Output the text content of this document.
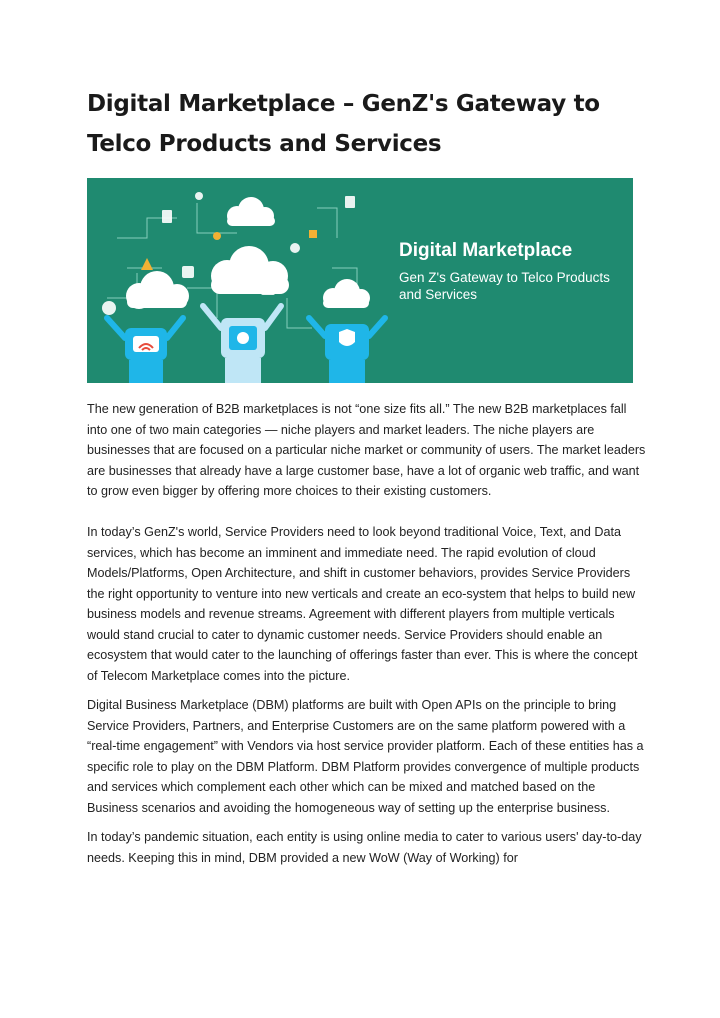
Digital Marketplace – GenZ's Gateway to Telco Products and Services
Digital Marketplace
Gen Z's Gateway to Telco Products
and Services

The new generation of B2B marketplaces is not “one size fits all.” The new B2B marketplaces fall into one of two main categories — niche players and market leaders. The niche players are businesses that are focused on a particular niche market or community of users. The market leaders are businesses that already have a large customer base, have a lot of organic web traffic, and want to grow even bigger by offering more choices to their existing customers.

In today’s GenZ's world, Service Providers need to look beyond traditional Voice, Text, and Data services, which has become an imminent and immediate need. The rapid evolution of cloud Models/Platforms, Open Architecture, and shift in customer behaviors, provides Service Providers the right opportunity to venture into new verticals and create an eco-system that helps to build new business models and revenue streams. Agreement with different players from multiple verticals would stand crucial to cater to dynamic customer needs. Service Providers should enable an ecosystem that would cater to the launching of offerings faster than ever. This is where the concept of Telecom Marketplace comes into the picture.

Digital Business Marketplace (DBM) platforms are built with Open APIs on the principle to bring Service Providers, Partners, and Enterprise Customers are on the same platform powered with a “real-time engagement” with Vendors via host service provider platform. Each of these entities has a specific role to play on the DBM Platform. DBM Platform provides convergence of multiple products and services which complement each other which can be mixed and matched based on the Business scenarios and avoiding the homogeneous way of setting up the enterprise business.

In today’s pandemic situation, each entity is using online media to cater to various users' day-to-day needs. Keeping this in mind, DBM provided a new WoW (Way of Working) for
